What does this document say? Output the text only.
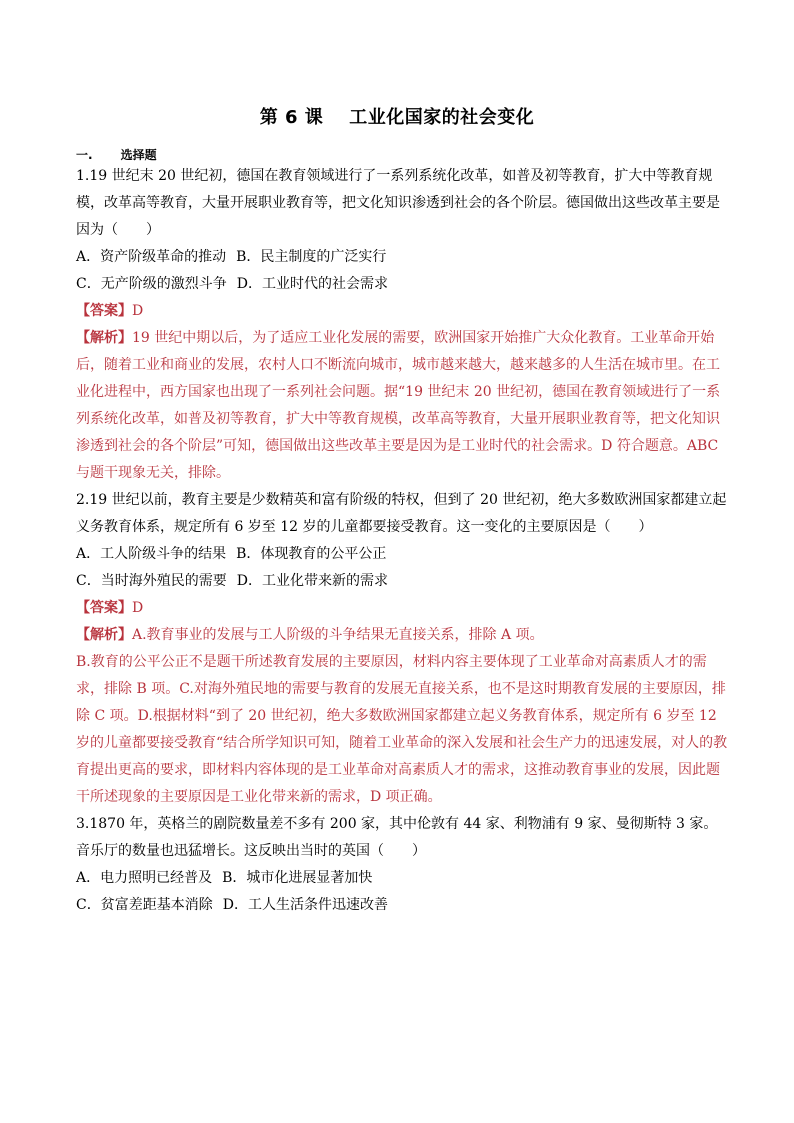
第 6 课 工业化国家的社会变化
一. 选择题

1.19 世纪末 20 世纪初，德国在教育领域进行了一系列系统化改革，如普及初等教育，扩大中等教育规模，改革高等教育，大量开展职业教育等，把文化知识渗透到社会的各个阶层。德国做出这些改革主要是因为（　　）

A．资产阶级革命的推动 B．民主制度的广泛实行

C．无产阶级的激烈斗争 D．工业时代的社会需求

【答案】D

【解析】19 世纪中期以后，为了适应工业化发展的需要，欧洲国家开始推广大众化教育。工业革命开始后，随着工业和商业的发展，农村人口不断流向城市，城市越来越大，越来越多的人生活在城市里。在工业化进程中，西方国家也出现了一系列社会问题。据“19 世纪末 20 世纪初，德国在教育领域进行了一系列系统化改革，如普及初等教育，扩大中等教育规模，改革高等教育，大量开展职业教育等，把文化知识渗透到社会的各个阶层”可知，德国做出这些改革主要是因为是工业时代的社会需求。D 符合题意。ABC 与题干现象无关，排除。

2.19 世纪以前，教育主要是少数精英和富有阶级的特权，但到了 20 世纪初，绝大多数欧洲国家都建立起义务教育体系，规定所有 6 岁至 12 岁的儿童都要接受教育。这一变化的主要原因是（　　）

A．工人阶级斗争的结果 B．体现教育的公平公正

C．当时海外殖民的需要 D．工业化带来新的需求

【答案】D

【解析】A.教育事业的发展与工人阶级的斗争结果无直接关系，排除 A 项。

B.教育的公平公正不是题干所述教育发展的主要原因，材料内容主要体现了工业革命对高素质人才的需求，排除 B 项。C.对海外殖民地的需要与教育的发展无直接关系，也不是这时期教育发展的主要原因，排除 C 项。D.根据材料“到了 20 世纪初，绝大多数欧洲国家都建立起义务教育体系，规定所有 6 岁至 12 岁的儿童都要接受教育“结合所学知识可知，随着工业革命的深入发展和社会生产力的迅速发展，对人的教育提出更高的要求，即材料内容体现的是工业革命对高素质人才的需求，这推动教育事业的发展，因此题干所述现象的主要原因是工业化带来新的需求，D 项正确。

3.1870 年，英格兰的剧院数量差不多有 200 家，其中伦敦有 44 家、利物浦有 9 家、曼彻斯特 3 家。音乐厅的数量也迅猛增长。这反映出当时的英国（　　）

A．电力照明已经普及 B．城市化进展显著加快

C．贫富差距基本消除 D．工人生活条件迅速改善
